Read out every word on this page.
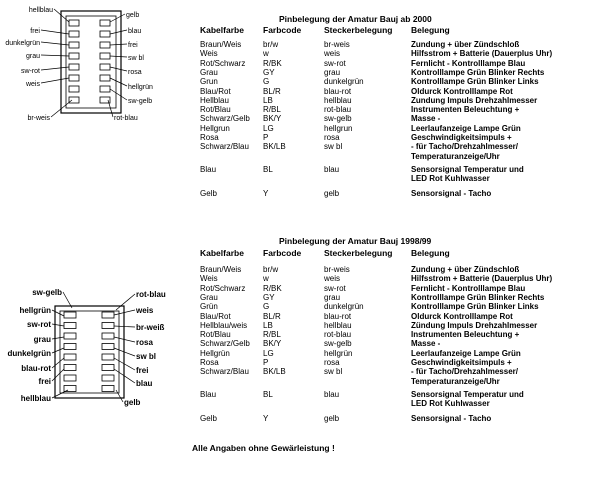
hellblau
frei
dunkelgrün
grau
sw-rot
weis
br-weis
gelb
blau
frei
sw bl
rosa
hellgrün
sw-gelb
rot-blau
sw-gelb
hellgrün
sw-rot
grau
dunkelgrün
blau-rot
frei
hellblau
rot-blau
weis
br-weiß
rosa
sw bl
frei
blau
gelb
Pinbelegung der Amatur Bauj ab 2000
Kabelfarbe Farbcode	Steckerbelegung Belegung
Braun/Weis	br/w	br-weis	Zundung + über Zündschloß
Weis	w	weis	Hilfsstrom + Batterie (Dauerplus Uhr)
Rot/Schwarz R/BK	sw-rot	Fernlicht - Kontrolllampe Blau
Grau	GY	grau	Kontrolllampe Grün Blinker Rechts
Grun	G	dunkelgrün	Kontrolllampe Grün Blinker Links
Blau/Rot	BL/R	blau-rot	Oldurck Kontrolllampe Rot
Hellblau	LB	hellblau	Zundung Impuls Drehzahlmesser
Rot/Blau	R/BL	rot-blau	Instrumenten Beleuchtung +
Schwarz/Gelb BK/Y	sw-gelb	Masse -
Hellgrun	LG	hellgrun	Leerlaufanzeige Lampe Grün
Rosa	P	rosa	Geschwindigkeitsimpuls +
Schwarz/Blau BK/LB	sw bl	- für Tacho/Drehzahlmesser/
Temperaturanzeige/Uhr
Blau	BL	blau	Sensorsignal Temperatur und
LED Rot Kuhlwasser
Gelb	Y	gelb	Sensorsignal - Tacho
Pinbelegung der Amatur Bauj 1998/99
Kabelfarbe Farbcode	Steckerbelegung Belegung
Braun/Weis	br/w	br-weis	Zundung + über Zündschloß
Weis	w	weis	Hilfsstrom + Batterie (Dauerplus Uhr)
Rot/Schwarz R/BK	sw-rot	Fernlicht - Kontrolllampe Blau
Grau	GY	grau	Kontrolllampe Grün Blinker Rechts
Grün	G	dunkelgrün	Kontrolllampe Grün Blinker Links
Blau/Rot	BL/R	blau-rot	Oldurck Kontrolllampe Rot
Hellblau/weis LB	hellblau	Zündung Impuls Drehzahlmesser
Rot/Blau	R/BL	rot-blau	Instrumenten Beleuchtung +
Schwarz/Gelb BK/Y	sw-gelb	Masse -
Hellgrün	LG	hellgrün	Leerlaufanzeige Lampe Grün
Rosa	P	rosa	Geschwindigkeitsimpuls +
Schwarz/Blau BK/LB	sw bl	- für Tacho/Drehzahlmesser/
Temperaturanzeige/Uhr
Blau	BL	blau	Sensorsignal Temperatur und
LED Rot Kuhlwasser
Gelb	Y	gelb	Sensorsignal - Tacho
Alle Angaben ohne Gewärleistung !
